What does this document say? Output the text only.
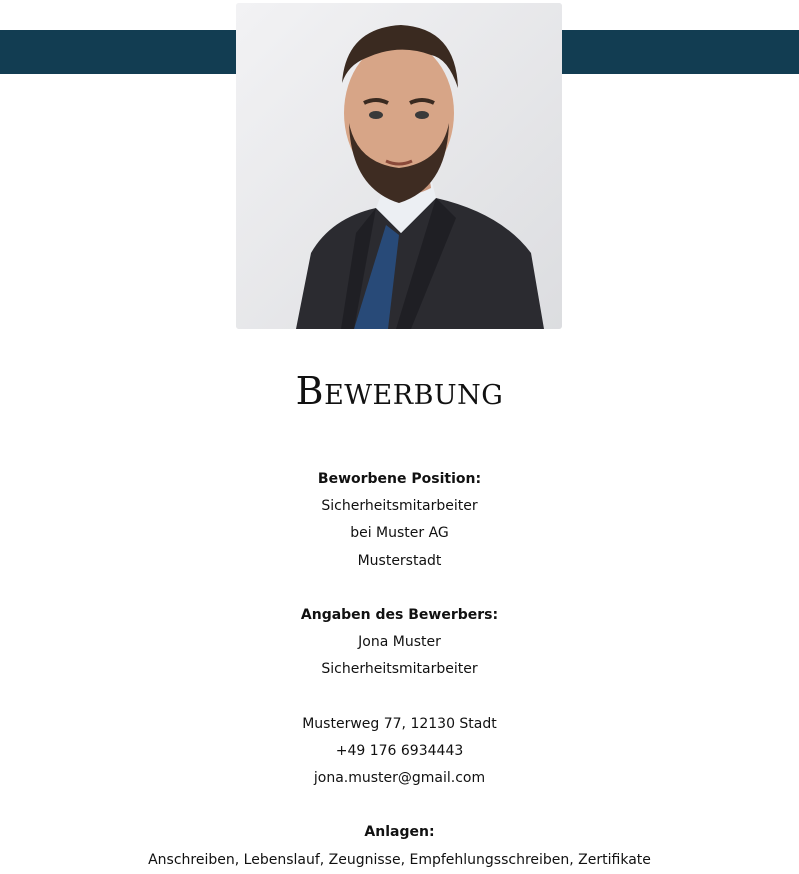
Bewerbung
Beworbene Position:
Sicherheitsmitarbeiter
bei Muster AG
Musterstadt
Angaben des Bewerbers:
Jona Muster
Sicherheitsmitarbeiter
Musterweg 77, 12130 Stadt
+49 176 6934443
jona.muster@gmail.com
Anlagen:
Anschreiben, Lebenslauf, Zeugnisse, Empfehlungsschreiben, Zertifikate
